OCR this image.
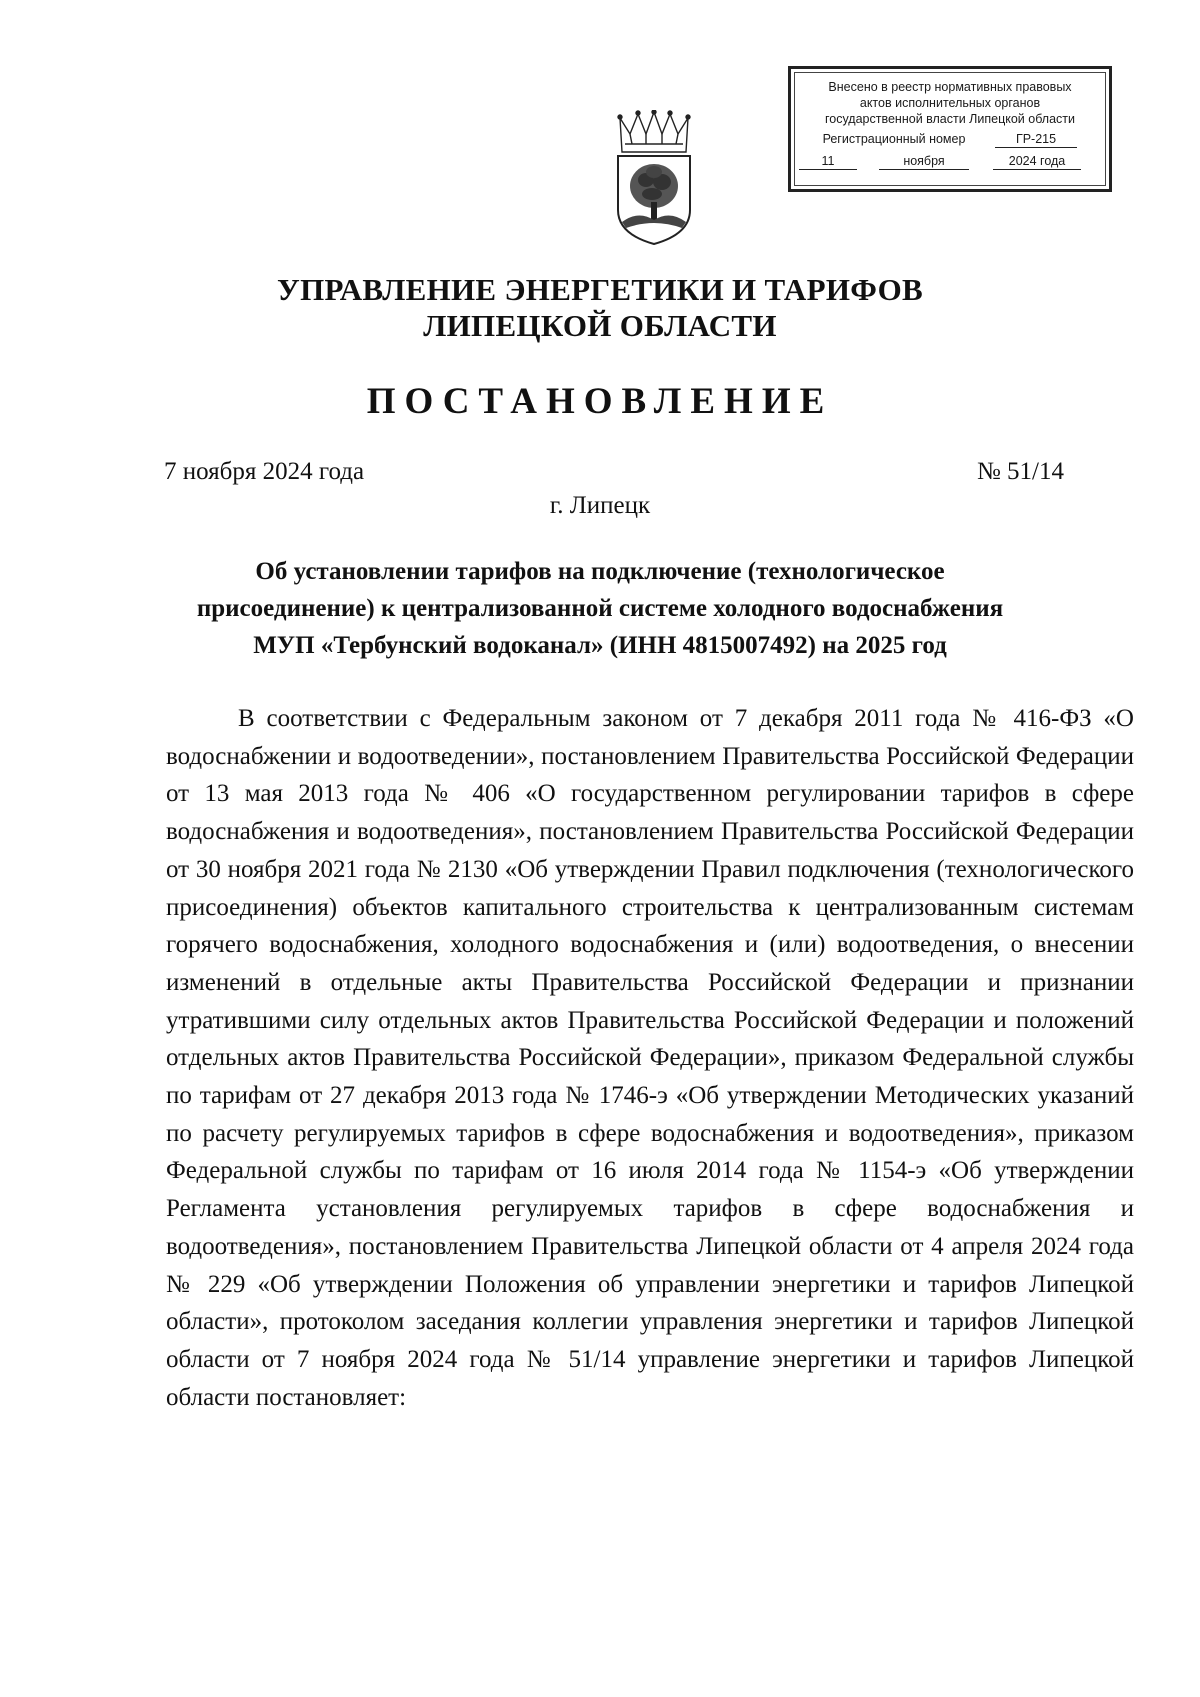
Внесено в реестр нормативных правовых
актов исполнительных органов
государственной власти Липецкой области
Регистрационный номер	ГР-215
11	ноября	2024 года
УПРАВЛЕНИЕ ЭНЕРГЕТИКИ И ТАРИФОВ
ЛИПЕЦКОЙ ОБЛАСТИ
ПОСТАНОВЛЕНИЕ
7 ноября 2024 года	№ 51/14
г. Липецк
Об установлении тарифов на подключение (технологическое
присоединение) к централизованной системе холодного водоснабжения
МУП «Тербунский водоканал» (ИНН 4815007492) на 2025 год
В соответствии с Федеральным законом от 7 декабря 2011 года № 416-ФЗ «О водоснабжении и водоотведении», постановлением Правительства Российской Федерации от 13 мая 2013 года № 406 «О государственном регулировании тарифов в сфере водоснабжения и водоотведения», постановлением Правительства Российской Федерации от 30 ноября 2021 года № 2130 «Об утверждении Правил подключения (технологического присоединения) объектов капитального строительства к централизованным системам горячего водоснабжения, холодного водоснабжения и (или) водоотведения, о внесении изменений в отдельные акты Правительства Российской Федерации и признании утратившими силу отдельных актов Правительства Российской Федерации и положений отдельных актов Правительства Российской Федерации», приказом Федеральной службы по тарифам от 27 декабря 2013 года № 1746-э «Об утверждении Методических указаний по расчету регулируемых тарифов в сфере водоснабжения и водоотведения», приказом Федеральной службы по тарифам от 16 июля 2014 года № 1154-э «Об утверждении Регламента установления регулируемых тарифов в сфере водоснабжения и водоотведения», постановлением Правительства Липецкой области от 4 апреля 2024 года № 229 «Об утверждении Положения об управлении энергетики и тарифов Липецкой области», протоколом заседания коллегии управления энергетики и тарифов Липецкой области от 7 ноября 2024 года № 51/14 управление энергетики и тарифов Липецкой области постановляет:
